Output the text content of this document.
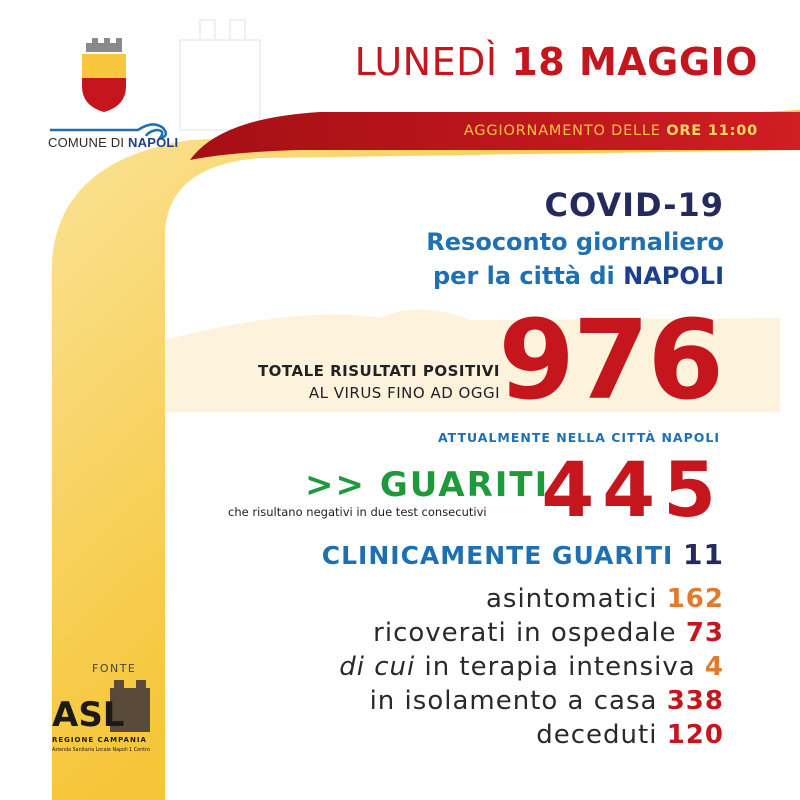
COMUNE DI NAPOLI
LUNEDÌ 18 MAGGIO
AGGIORNAMENTO DELLE ORE 11:00
COVID-19
Resoconto giornaliero
per la città di NAPOLI
TOTALE RISULTATI POSITIVI
AL VIRUS FINO AD OGGI
976
ATTUALMENTE NELLA CITTÀ NAPOLI
>> GUARITI
che risultano negativi in due test consecutivi 445
CLINICAMENTE GUARITI 11
asintomatici 162
ricoverati in ospedale 73
di cui in terapia intensiva 4
in isolamento a casa 338
deceduti 120
FONTE
ASL
REGIONE CAMPANIA
Azienda Sanitaria Locale Napoli 1 Centro
